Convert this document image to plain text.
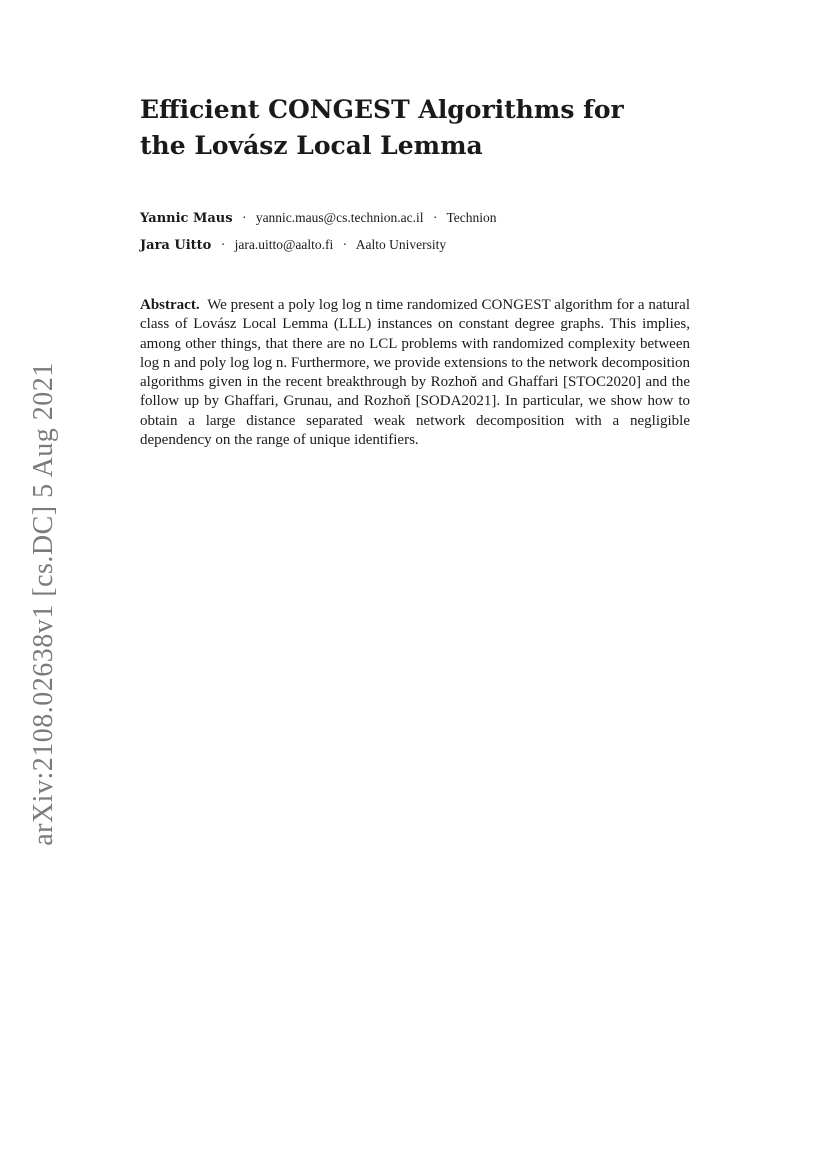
arXiv:2108.02638v1 [cs.DC] 5 Aug 2021
Efficient CONGEST Algorithms for
the Lovász Local Lemma
Yannic Maus · yannic.maus@cs.technion.ac.il · Technion
Jara Uitto · jara.uitto@aalto.fi · Aalto University

Abstract. We present a poly log log n time randomized CONGEST algorithm for a natural class of Lovász Local Lemma (LLL) instances on constant degree graphs. This implies, among other things, that there are no LCL problems with randomized complexity between log n and poly log log n. Furthermore, we provide extensions to the network decomposition algorithms given in the recent breakthrough by Rozhoň and Ghaffari [STOC2020] and the follow up by Ghaffari, Grunau, and Rozhoň [SODA2021]. In particular, we show how to obtain a large distance separated weak network decomposition with a negligible dependency on the range of unique identifiers.
